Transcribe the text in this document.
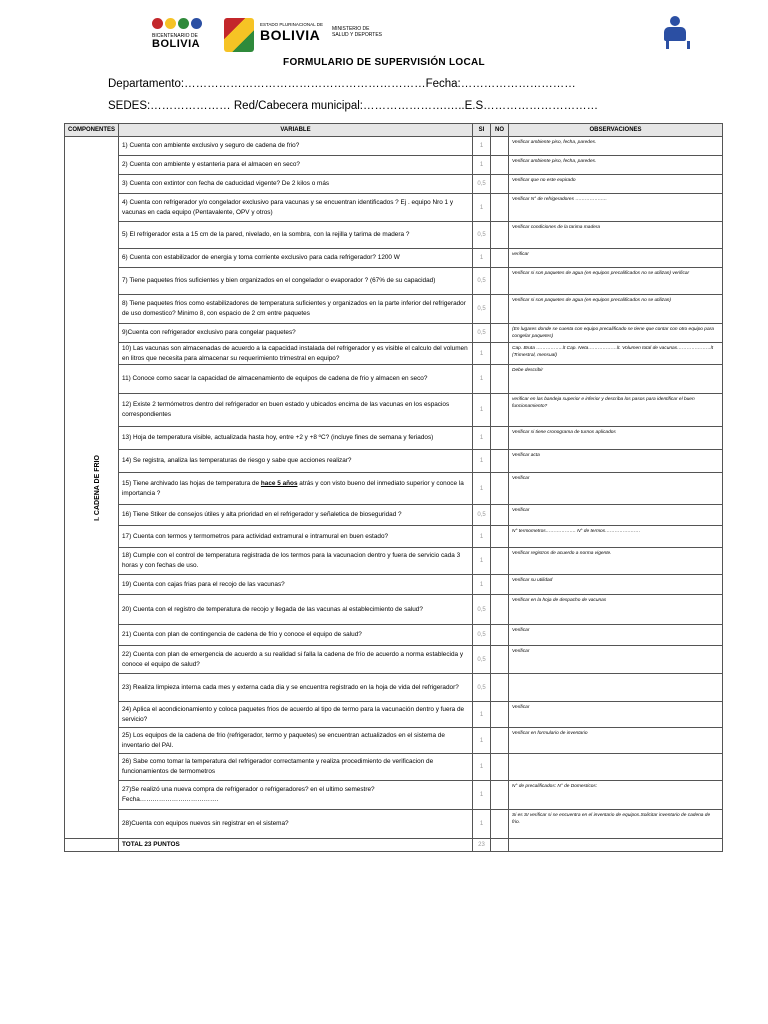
BICENTENARIO DE
BOLIVIA
ESTADO PLURINACIONAL DE
BOLIVIA MINISTERIO DE SALUD Y DEPORTES
FORMULARIO DE SUPERVISIÓN LOCAL
Departamento:………………………………………………………Fecha:…………………………
SEDES:………………… Red/Cabecera municipal:………………….…..E.S…………………………
COMPONENTES	VARIABLE	SI	NO	OBSERVACIONES
I. CADENA DE FRIO	1) Cuenta con ambiente exclusivo y seguro de cadena de frio?	1		Verificar ambiente piso, fecha, paredes.
	2) Cuenta con ambiente y estanteria para el almacen en seco?	1		Verificar ambiente piso, fecha, paredes.
	3) Cuenta con extintor con fecha de caducidad vigente? De 2 kilos o más	0,5		Verificar que no este expirado
	4) Cuenta con refrigerador y/o congelador exclusivo para vacunas y se encuentran identificados ? Ej . equipo Nro 1 y vacunas en cada equipo (Pentavalente, OPV y otros)	1		Verificar N° de refrigeradores ………………..
	5) El refrigerador esta a 15 cm de la pared, nivelado, en la sombra, con la rejilla y tarima de madera ?	0,5		Verificar condiciones de la tarima madera
	6) Cuenta con estabilizador de energia y toma corriente exclusivo para cada refrigerador? 1200 W	1		verificar
	7) Tiene paquetes frios suficientes y bien organizados en el congelador o evaporador ? (67% de su capacidad)	0,5		Verificar si son paquetes de agua (en equipos precalificados no se utilizan) verificar
	8) Tiene paquetes frios como estabilizadores de temperatura suficientes y organizados en la parte inferior del refrigerador de uso domestico? Minimo 8, con espacio de 2 cm entre paquetes	0,5		Verificar si son paquetes de agua (en equipos precalificados no se utilizan)
	9)Cuenta con refrigerador exclusivo para congelar paquetes?	0,5		(En lugares donde se cuenta con equipo precalificado se tiene que contar con otro equipo para congelar paquetes)
	10) Las vacunas son almacenadas de acuerdo a la capacidad instalada del refrigerador y es visible el calculo del volumen en litros que necesita para almacenar su requerimiento trimestral en equipo?	1		Cap. Bruta ……………..lt Cap. Neta………………lt. Volumen total de vacunas…………………lt (Trimestral, mensual)
	11) Conoce como sacar la capacidad de almacenamiento de equipos de cadena de frio y almacen en seco?	1		Debe describir
	12) Existe 2 termómetros dentro del refrigerador en buen estado y ubicados encima de las vacunas en los espacios correspondientes	1		verificar en las bandeja superior e inferior y describa los pasos para identificar el buen funcionamiento?
	13) Hoja de temperatura visible, actualizada hasta hoy, entre +2 y +8 ºC? (incluye fines de semana y feriados)	1		Verificar si tiene cronograma de turnos aplicados
	14) Se registra, analiza las temperaturas de riesgo y sabe que acciones realizar?	1		Verificar acta
	15) Tiene archivado las hojas de temperatura de hace 5 años atrás y con visto bueno del inmediato superior y conoce la importancia ?	1		Verificar
	16) Tiene Stiker de consejos útiles y alta prioridad en el refrigerador y señaletica de bioseguridad ?	0,5		Verificar
	17) Cuenta con termos y termometros para actividad extramural e intramural en buen estado?	1		N° termometros………………. N° de termos………………….
	18) Cumple con el control de temperatura registrada de los termos para la vacunacion dentro y fuera de servicio cada 3 horas y con fechas de uso.	1		Verificar registros de acuerdo a norma vigente.
	19) Cuenta con cajas frias para el recojo de las vacunas?	1		Verificar su utilidad
	20) Cuenta con el registro de temperatura de recojo y llegada de las vacunas al establecimiento de salud?	0,5		Verificar en la hoja de despacho de vacunas
	21) Cuenta con plan de contingencia de cadena de frio y conoce el equipo de salud?	0,5		Verificar
	22) Cuenta con plan de emergencia de acuerdo a su realidad si falla la cadena de frío de acuerdo a norma establecida y conoce el equipo de salud?	0,5		Verificar
	23) Realiza limpieza interna cada mes y externa cada dia y se encuentra registrado en la hoja de vida del refrigerador?	0,5		
	24) Aplica el acondicionamiento y coloca paquetes frios de acuerdo al tipo de termo para la vacunación dentro y fuera de servicio?	1		Verificar
	25) Los equipos de la cadena de frio (refrigerador, termo y paquetes) se encuentran actualizados en el sistema de inventario del PAI.	1		Verificar en formulario de inventario
	26) Sabe como tomar la temperatura del refrigerador correctamente y realiza procedimiento de verificacion de funcionamientos de termometros	1		
	27)Se realizó una nueva compra de refrigerador o refrigeradores? en el ultimo semestre? Fecha……………………………….	1		N° de precalificados: N° de Domesticos:
	28)Cuenta con equipos nuevos sin registrar en el sistema?	1		Si es SI verificar si se encuentra en el inventario de equipos.Solicitar inventario de cadena de frio.
	TOTAL 23 PUNTOS	23		
